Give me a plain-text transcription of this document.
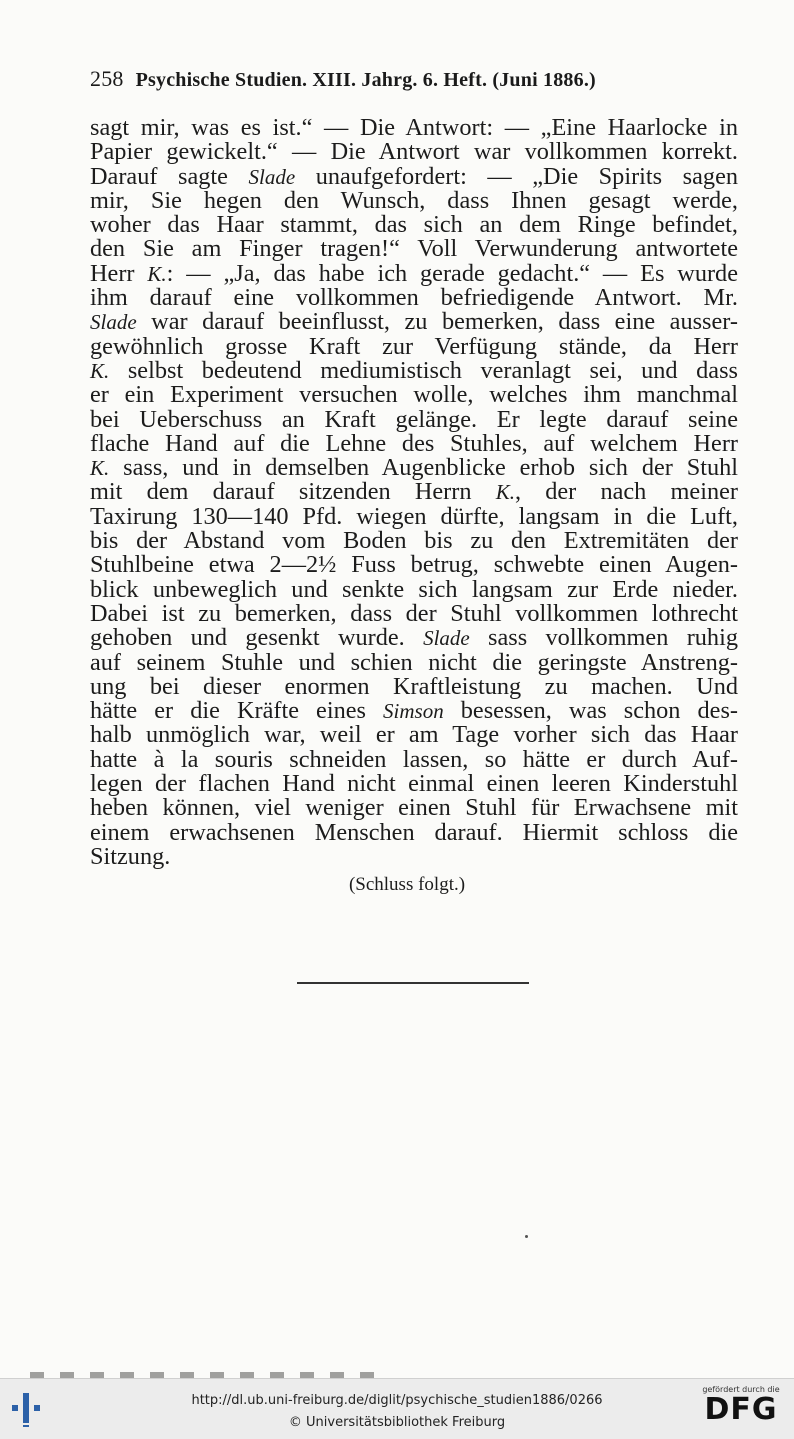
258 Psychische Studien. XIII. Jahrg. 6. Heft. (Juni 1886.)
sagt mir, was es ist.“ — Die Antwort: — „Eine Haarlocke in
Papier gewickelt.“ — Die Antwort war vollkommen korrekt.
Darauf sagte Slade unaufgefordert: — „Die Spirits sagen
mir, Sie hegen den Wunsch, dass Ihnen gesagt werde,
woher das Haar stammt, das sich an dem Ringe befindet,
den Sie am Finger tragen!“ Voll Verwunderung antwortete
Herr K.: — „Ja, das habe ich gerade gedacht.“ — Es wurde
ihm darauf eine vollkommen befriedigende Antwort. Mr.
Slade war darauf beeinflusst, zu bemerken, dass eine ausser-
gewöhnlich grosse Kraft zur Verfügung stände, da Herr
K. selbst bedeutend mediumistisch veranlagt sei, und dass
er ein Experiment versuchen wolle, welches ihm manchmal
bei Ueberschuss an Kraft gelänge. Er legte darauf seine
flache Hand auf die Lehne des Stuhles, auf welchem Herr
K. sass, und in demselben Augenblicke erhob sich der Stuhl
mit dem darauf sitzenden Herrn K., der nach meiner
Taxirung 130—140 Pfd. wiegen dürfte, langsam in die Luft,
bis der Abstand vom Boden bis zu den Extremitäten der
Stuhlbeine etwa 2—2½ Fuss betrug, schwebte einen Augen-
blick unbeweglich und senkte sich langsam zur Erde nieder.
Dabei ist zu bemerken, dass der Stuhl vollkommen lothrecht
gehoben und gesenkt wurde. Slade sass vollkommen ruhig
auf seinem Stuhle und schien nicht die geringste Anstreng-
ung bei dieser enormen Kraftleistung zu machen. Und
hätte er die Kräfte eines Simson besessen, was schon des-
halb unmöglich war, weil er am Tage vorher sich das Haar
hatte à la souris schneiden lassen, so hätte er durch Auf-
legen der flachen Hand nicht einmal einen leeren Kinderstuhl
heben können, viel weniger einen Stuhl für Erwachsene mit
einem erwachsenen Menschen darauf. Hiermit schloss die
Sitzung.
(Schluss folgt.)
http://dl.ub.uni-freiburg.de/diglit/psychische_studien1886/0266
© Universitätsbibliothek Freiburg
gefördert durch die
DFG
